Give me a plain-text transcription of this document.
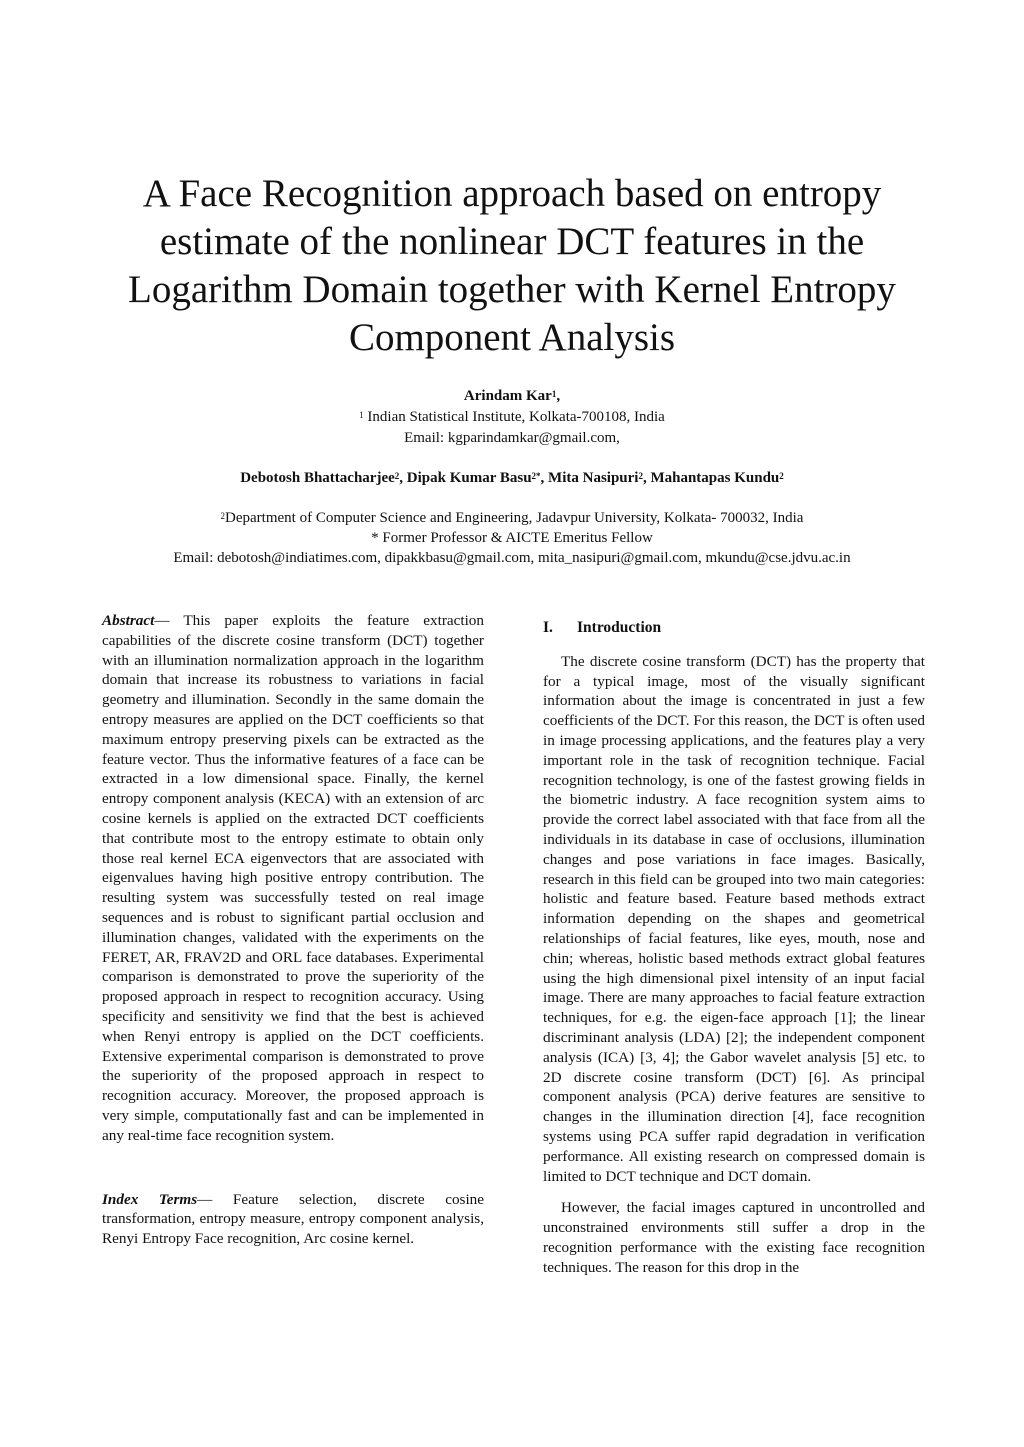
A Face Recognition approach based on entropy estimate of the nonlinear DCT features in the Logarithm Domain together with Kernel Entropy Component Analysis
Arindam Kar$^1$,
$^1$ Indian Statistical Institute, Kolkata-700108, India
Email: kgparindamkar@gmail.com,
Debotosh Bhattacharjee$^2$, Dipak Kumar Basu$^{2*}$, Mita Nasipuri$^2$, Mahantapas Kundu$^2$
$^2$Department of Computer Science and Engineering, Jadavpur University, Kolkata- 700032, India
* Former Professor & AICTE Emeritus Fellow
Email: debotosh@indiatimes.com, dipakkbasu@gmail.com, mita_nasipuri@gmail.com, mkundu@cse.jdvu.ac.in

Abstract— This paper exploits the feature extraction capabilities of the discrete cosine transform (DCT) together with an illumination normalization approach in the logarithm domain that increase its robustness to variations in facial geometry and illumination. Secondly in the same domain the entropy measures are applied on the DCT coefficients so that maximum entropy preserving pixels can be extracted as the feature vector. Thus the informative features of a face can be extracted in a low dimensional space. Finally, the kernel entropy component analysis (KECA) with an extension of arc cosine kernels is applied on the extracted DCT coefficients that contribute most to the entropy estimate to obtain only those real kernel ECA eigenvectors that are associated with eigenvalues having high positive entropy contribution. The resulting system was successfully tested on real image sequences and is robust to significant partial occlusion and illumination changes, validated with the experiments on the FERET, AR, FRAV2D and ORL face databases. Experimental comparison is demonstrated to prove the superiority of the proposed approach in respect to recognition accuracy. Using specificity and sensitivity we find that the best is achieved when Renyi entropy is applied on the DCT coefficients. Extensive experimental comparison is demonstrated to prove the superiority of the proposed approach in respect to recognition accuracy. Moreover, the proposed approach is very simple, computationally fast and can be implemented in any real-time face recognition system.

Index Terms— Feature selection, discrete cosine transformation, entropy measure, entropy component analysis, Renyi Entropy Face recognition, Arc cosine kernel.

I. Introduction

The discrete cosine transform (DCT) has the property that for a typical image, most of the visually significant information about the image is concentrated in just a few coefficients of the DCT. For this reason, the DCT is often used in image processing applications, and the features play a very important role in the task of recognition technique. Facial recognition technology, is one of the fastest growing fields in the biometric industry. A face recognition system aims to provide the correct label associated with that face from all the individuals in its database in case of occlusions, illumination changes and pose variations in face images. Basically, research in this field can be grouped into two main categories: holistic and feature based. Feature based methods extract information depending on the shapes and geometrical relationships of facial features, like eyes, mouth, nose and chin; whereas, holistic based methods extract global features using the high dimensional pixel intensity of an input facial image. There are many approaches to facial feature extraction techniques, for e.g. the eigen-face approach [1]; the linear discriminant analysis (LDA) [2]; the independent component analysis (ICA) [3, 4]; the Gabor wavelet analysis [5] etc. to 2D discrete cosine transform (DCT) [6]. As principal component analysis (PCA) derive features are sensitive to changes in the illumination direction [4], face recognition systems using PCA suffer rapid degradation in verification performance. All existing research on compressed domain is limited to DCT technique and DCT domain.

However, the facial images captured in uncontrolled and unconstrained environments still suffer a drop in the recognition performance with the existing face recognition techniques. The reason for this drop in the
